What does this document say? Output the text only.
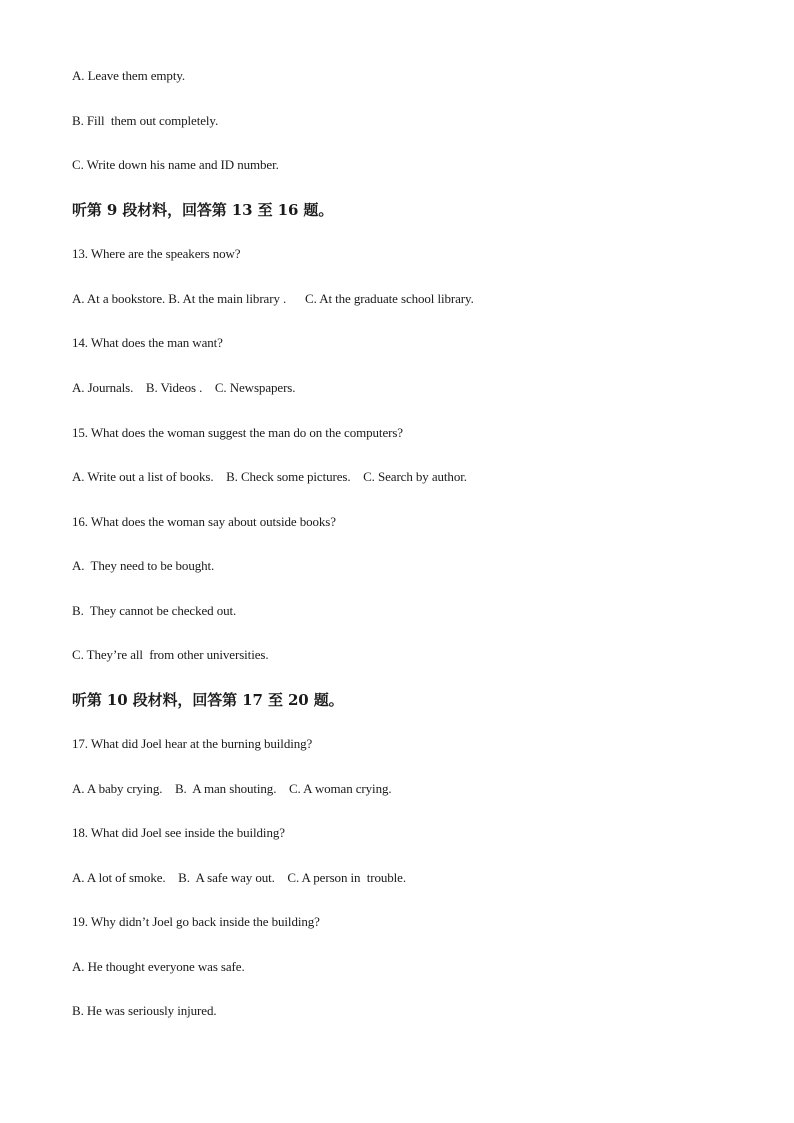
A. Leave them empty.
B. Fill  them out completely.
C. Write down his name and ID number.
听第 9 段材料，回答第 13 至 16 题。
13. Where are the speakers now?
A. At a bookstore. B. At the main library .      C. At the graduate school library.
14. What does the man want?
A. Journals.    B. Videos .    C. Newspapers.
15. What does the woman suggest the man do on the computers?
A. Write out a list of books.    B. Check some pictures.    C. Search by author.
16. What does the woman say about outside books?
A.  They need to be bought.
B.  They cannot be checked out.
C. They’re all  from other universities.
听第 10 段材料，回答第 17 至 20 题。
17. What did Joel hear at the burning building?
A. A baby crying.    B.  A man shouting.    C. A woman crying.
18. What did Joel see inside the building?
A. A lot of smoke.    B.  A safe way out.    C. A person in  trouble.
19. Why didn’t Joel go back inside the building?
A. He thought everyone was safe.
B. He was seriously injured.
